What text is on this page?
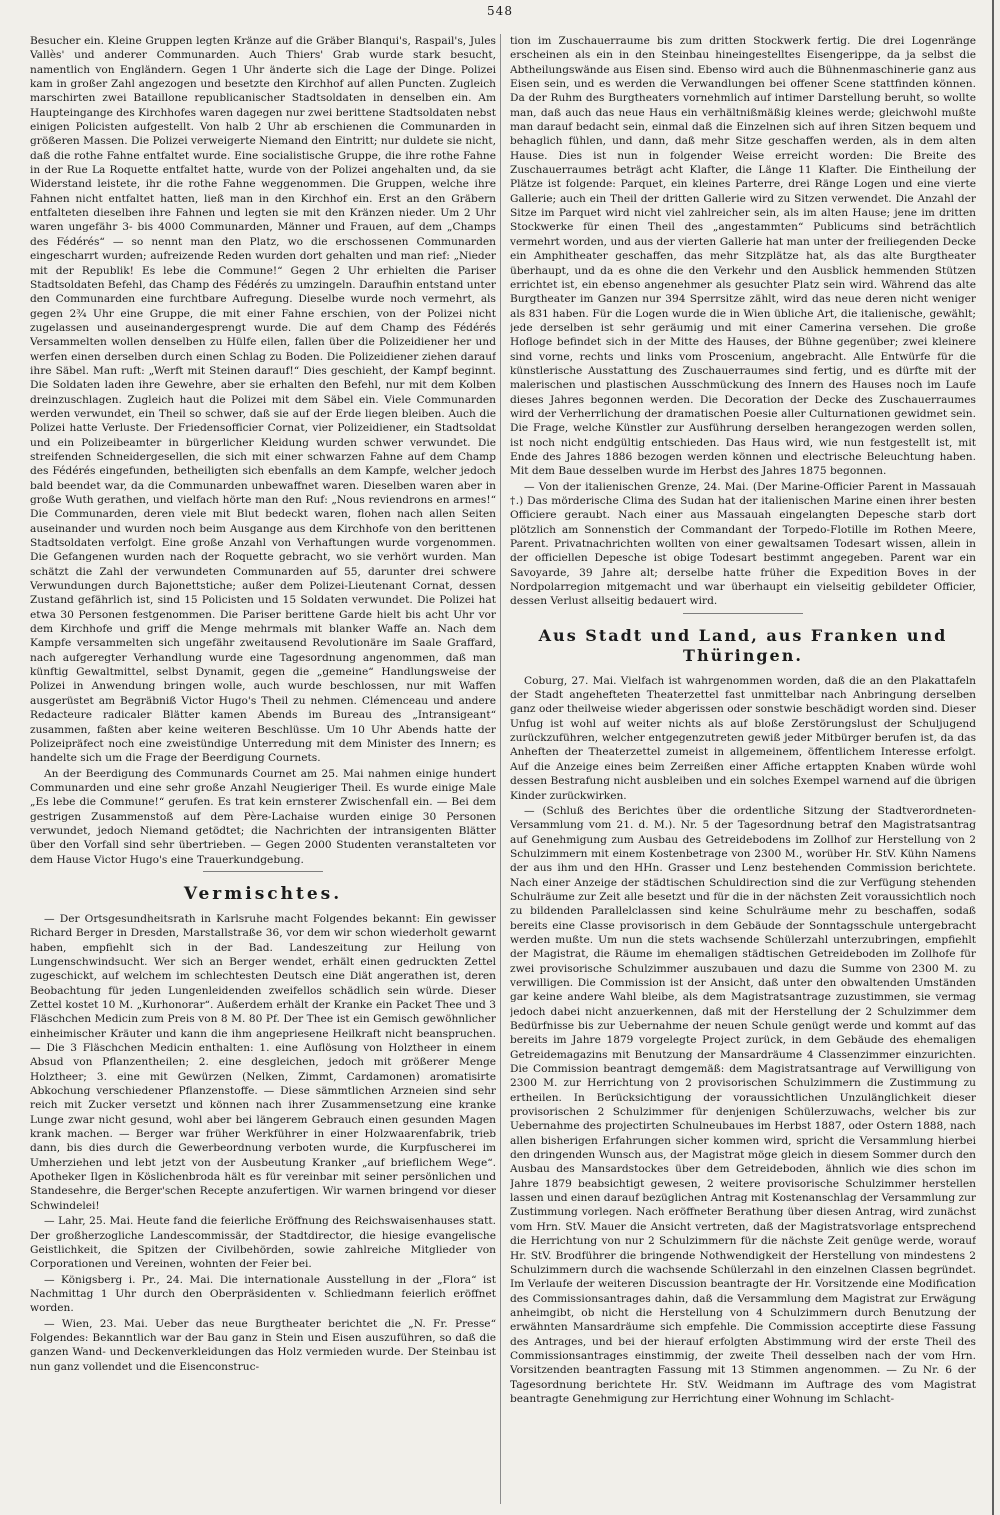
548

Besucher ein. Kleine Gruppen legten Kränze auf die Gräber Blanqui's, Raspail's, Jules Vallès' und anderer Communarden. Auch Thiers' Grab wurde stark besucht, namentlich von Engländern. Gegen 1 Uhr änderte sich die Lage der Dinge. Polizei kam in großer Zahl angezogen und besetzte den Kirchhof auf allen Puncten. Zugleich marschirten zwei Bataillone republicanischer Stadtsoldaten in denselben ein. Am Haupteingange des Kirchhofes waren dagegen nur zwei berittene Stadtsoldaten nebst einigen Policisten aufgestellt. Von halb 2 Uhr ab erschienen die Communarden in größeren Massen. Die Polizei verweigerte Niemand den Eintritt; nur duldete sie nicht, daß die rothe Fahne entfaltet wurde. Eine socialistische Gruppe, die ihre rothe Fahne in der Rue La Roquette entfaltet hatte, wurde von der Polizei angehalten und, da sie Widerstand leistete, ihr die rothe Fahne weggenommen. Die Gruppen, welche ihre Fahnen nicht entfaltet hatten, ließ man in den Kirchhof ein. Erst an den Gräbern entfalteten dieselben ihre Fahnen und legten sie mit den Kränzen nieder. Um 2 Uhr waren ungefähr 3- bis 4000 Communarden, Männer und Frauen, auf dem „Champs des Fédérés“ — so nennt man den Platz, wo die erschossenen Communarden eingescharrt wurden; aufreizende Reden wurden dort gehalten und man rief: „Nieder mit der Republik! Es lebe die Commune!“ Gegen 2 Uhr erhielten die Pariser Stadtsoldaten Befehl, das Champ des Fédérés zu umzingeln. Daraufhin entstand unter den Communarden eine furchtbare Aufregung. Dieselbe wurde noch vermehrt, als gegen 2¾ Uhr eine Gruppe, die mit einer Fahne erschien, von der Polizei nicht zugelassen und auseinandergesprengt wurde. Die auf dem Champ des Fédérés Versammelten wollen denselben zu Hülfe eilen, fallen über die Polizeidiener her und werfen einen derselben durch einen Schlag zu Boden. Die Polizeidiener ziehen darauf ihre Säbel. Man ruft: „Werft mit Steinen darauf!“ Dies geschieht, der Kampf beginnt. Die Soldaten laden ihre Gewehre, aber sie erhalten den Befehl, nur mit dem Kolben dreinzuschlagen. Zugleich haut die Polizei mit dem Säbel ein. Viele Communarden werden verwundet, ein Theil so schwer, daß sie auf der Erde liegen bleiben. Auch die Polizei hatte Verluste. Der Friedensofficier Cornat, vier Polizeidiener, ein Stadtsoldat und ein Polizeibeamter in bürgerlicher Kleidung wurden schwer verwundet. Die streifenden Schneidergesellen, die sich mit einer schwarzen Fahne auf dem Champ des Fédérés eingefunden, betheiligten sich ebenfalls an dem Kampfe, welcher jedoch bald beendet war, da die Communarden unbewaffnet waren. Dieselben waren aber in große Wuth gerathen, und vielfach hörte man den Ruf: „Nous reviendrons en armes!“ Die Communarden, deren viele mit Blut bedeckt waren, flohen nach allen Seiten auseinander und wurden noch beim Ausgange aus dem Kirchhofe von den berittenen Stadtsoldaten verfolgt. Eine große Anzahl von Verhaftungen wurde vorgenommen. Die Gefangenen wurden nach der Roquette gebracht, wo sie verhört wurden. Man schätzt die Zahl der verwundeten Communarden auf 55, darunter drei schwere Verwundungen durch Bajonettstiche; außer dem Polizei-Lieutenant Cornat, dessen Zustand gefährlich ist, sind 15 Policisten und 15 Soldaten verwundet. Die Polizei hat etwa 30 Personen festgenommen. Die Pariser berittene Garde hielt bis acht Uhr vor dem Kirchhofe und griff die Menge mehrmals mit blanker Waffe an. Nach dem Kampfe versammelten sich ungefähr zweitausend Revolutionäre im Saale Graffard, nach aufgeregter Verhandlung wurde eine Tagesordnung angenommen, daß man künftig Gewaltmittel, selbst Dynamit, gegen die „gemeine“ Handlungsweise der Polizei in Anwendung bringen wolle, auch wurde beschlossen, nur mit Waffen ausgerüstet am Begräbniß Victor Hugo's Theil zu nehmen. Clémenceau und andere Redacteure radicaler Blätter kamen Abends im Bureau des „Intransigeant“ zusammen, faßten aber keine weiteren Beschlüsse. Um 10 Uhr Abends hatte der Polizeipräfect noch eine zweistündige Unterredung mit dem Minister des Innern; es handelte sich um die Frage der Beerdigung Cournets.

An der Beerdigung des Communards Cournet am 25. Mai nahmen einige hundert Communarden und eine sehr große Anzahl Neugieriger Theil. Es wurde einige Male „Es lebe die Commune!“ gerufen. Es trat kein ernsterer Zwischenfall ein. — Bei dem gestrigen Zusammenstoß auf dem Père-Lachaise wurden einige 30 Personen verwundet, jedoch Niemand getödtet; die Nachrichten der intransigenten Blätter über den Vorfall sind sehr übertrieben. — Gegen 2000 Studenten veranstalteten vor dem Hause Victor Hugo's eine Trauerkundgebung.

Vermischtes.

— Der Ortsgesundheitsrath in Karlsruhe macht Folgendes bekannt: Ein gewisser Richard Berger in Dresden, Marstallstraße 36, vor dem wir schon wiederholt gewarnt haben, empfiehlt sich in der Bad. Landeszeitung zur Heilung von Lungenschwindsucht. Wer sich an Berger wendet, erhält einen gedruckten Zettel zugeschickt, auf welchem im schlechtesten Deutsch eine Diät angerathen ist, deren Beobachtung für jeden Lungenleidenden zweifellos schädlich sein würde. Dieser Zettel kostet 10 M. „Kurhonorar“. Außerdem erhält der Kranke ein Packet Thee und 3 Fläschchen Medicin zum Preis von 8 M. 80 Pf. Der Thee ist ein Gemisch gewöhnlicher einheimischer Kräuter und kann die ihm angepriesene Heilkraft nicht beanspruchen. — Die 3 Fläschchen Medicin enthalten: 1. eine Auflösung von Holztheer in einem Absud von Pflanzentheilen; 2. eine desgleichen, jedoch mit größerer Menge Holztheer; 3. eine mit Gewürzen (Nelken, Zimmt, Cardamonen) aromatisirte Abkochung verschiedener Pflanzenstoffe. — Diese sämmtlichen Arzneien sind sehr reich mit Zucker versetzt und können nach ihrer Zusammensetzung eine kranke Lunge zwar nicht gesund, wohl aber bei längerem Gebrauch einen gesunden Magen krank machen. — Berger war früher Werkführer in einer Holzwaarenfabrik, trieb dann, bis dies durch die Gewerbeordnung verboten wurde, die Kurpfuscherei im Umherziehen und lebt jetzt von der Ausbeutung Kranker „auf brieflichem Wege“. Apotheker Ilgen in Köslichenbroda hält es für vereinbar mit seiner persönlichen und Standesehre, die Berger'schen Recepte anzufertigen. Wir warnen bringend vor dieser Schwindelei!

— Lahr, 25. Mai. Heute fand die feierliche Eröffnung des Reichswaisenhauses statt. Der großherzogliche Landescommissär, der Stadtdirector, die hiesige evangelische Geistlichkeit, die Spitzen der Civilbehörden, sowie zahlreiche Mitglieder von Corporationen und Vereinen, wohnten der Feier bei.

— Königsberg i. Pr., 24. Mai. Die internationale Ausstellung in der „Flora“ ist Nachmittag 1 Uhr durch den Oberpräsidenten v. Schliedmann feierlich eröffnet worden.

— Wien, 23. Mai. Ueber das neue Burgtheater berichtet die „N. Fr. Presse“ Folgendes: Bekanntlich war der Bau ganz in Stein und Eisen auszuführen, so daß die ganzen Wand- und Deckenverkleidungen das Holz vermieden wurde. Der Steinbau ist nun ganz vollendet und die Eisenconstruc-

tion im Zuschauerraume bis zum dritten Stockwerk fertig. Die drei Logenränge erscheinen als ein in den Steinbau hineingestelltes Eisengerippe, da ja selbst die Abtheilungswände aus Eisen sind. Ebenso wird auch die Bühnenmaschinerie ganz aus Eisen sein, und es werden die Verwandlungen bei offener Scene stattfinden können. Da der Ruhm des Burgtheaters vornehmlich auf intimer Darstellung beruht, so wollte man, daß auch das neue Haus ein verhältnißmäßig kleines werde; gleichwohl mußte man darauf bedacht sein, einmal daß die Einzelnen sich auf ihren Sitzen bequem und behaglich fühlen, und dann, daß mehr Sitze geschaffen werden, als in dem alten Hause. Dies ist nun in folgender Weise erreicht worden: Die Breite des Zuschauerraumes beträgt acht Klafter, die Länge 11 Klafter. Die Eintheilung der Plätze ist folgende: Parquet, ein kleines Parterre, drei Ränge Logen und eine vierte Gallerie; auch ein Theil der dritten Gallerie wird zu Sitzen verwendet. Die Anzahl der Sitze im Parquet wird nicht viel zahlreicher sein, als im alten Hause; jene im dritten Stockwerke für einen Theil des „angestammten“ Publicums sind beträchtlich vermehrt worden, und aus der vierten Gallerie hat man unter der freiliegenden Decke ein Amphitheater geschaffen, das mehr Sitzplätze hat, als das alte Burgtheater überhaupt, und da es ohne die den Verkehr und den Ausblick hemmenden Stützen errichtet ist, ein ebenso angenehmer als gesuchter Platz sein wird. Während das alte Burgtheater im Ganzen nur 394 Sperrsitze zählt, wird das neue deren nicht weniger als 831 haben. Für die Logen wurde die in Wien übliche Art, die italienische, gewählt; jede derselben ist sehr geräumig und mit einer Camerina versehen. Die große Hofloge befindet sich in der Mitte des Hauses, der Bühne gegenüber; zwei kleinere sind vorne, rechts und links vom Proscenium, angebracht. Alle Entwürfe für die künstlerische Ausstattung des Zuschauerraumes sind fertig, und es dürfte mit der malerischen und plastischen Ausschmückung des Innern des Hauses noch im Laufe dieses Jahres begonnen werden. Die Decoration der Decke des Zuschauerraumes wird der Verherrlichung der dramatischen Poesie aller Culturnationen gewidmet sein. Die Frage, welche Künstler zur Ausführung derselben herangezogen werden sollen, ist noch nicht endgültig entschieden. Das Haus wird, wie nun festgestellt ist, mit Ende des Jahres 1886 bezogen werden können und electrische Beleuchtung haben. Mit dem Baue desselben wurde im Herbst des Jahres 1875 begonnen.

— Von der italienischen Grenze, 24. Mai. (Der Marine-Officier Parent in Massauah †.) Das mörderische Clima des Sudan hat der italienischen Marine einen ihrer besten Officiere geraubt. Nach einer aus Massauah eingelangten Depesche starb dort plötzlich am Sonnenstich der Commandant der Torpedo-Flotille im Rothen Meere, Parent. Privatnachrichten wollten von einer gewaltsamen Todesart wissen, allein in der officiellen Depesche ist obige Todesart bestimmt angegeben. Parent war ein Savoyarde, 39 Jahre alt; derselbe hatte früher die Expedition Boves in der Nordpolarregion mitgemacht und war überhaupt ein vielseitig gebildeter Officier, dessen Verlust allseitig bedauert wird.

Aus Stadt und Land, aus Franken und Thüringen.

Coburg, 27. Mai. Vielfach ist wahrgenommen worden, daß die an den Plakattafeln der Stadt angehefteten Theaterzettel fast unmittelbar nach Anbringung derselben ganz oder theilweise wieder abgerissen oder sonstwie beschädigt worden sind. Dieser Unfug ist wohl auf weiter nichts als auf bloße Zerstörungslust der Schuljugend zurückzuführen, welcher entgegenzutreten gewiß jeder Mitbürger berufen ist, da das Anheften der Theaterzettel zumeist in allgemeinem, öffentlichem Interesse erfolgt. Auf die Anzeige eines beim Zerreißen einer Affiche ertappten Knaben würde wohl dessen Bestrafung nicht ausbleiben und ein solches Exempel warnend auf die übrigen Kinder zurückwirken.

— (Schluß des Berichtes über die ordentliche Sitzung der Stadtverordneten-Versammlung vom 21. d. M.). Nr. 5 der Tagesordnung betraf den Magistratsantrag auf Genehmigung zum Ausbau des Getreidebodens im Zollhof zur Herstellung von 2 Schulzimmern mit einem Kostenbetrage von 2300 M., worüber Hr. StV. Kühn Namens der aus ihm und den HHn. Grasser und Lenz bestehenden Commission berichtete. Nach einer Anzeige der städtischen Schuldirection sind die zur Verfügung stehenden Schulräume zur Zeit alle besetzt und für die in der nächsten Zeit voraussichtlich noch zu bildenden Parallelclassen sind keine Schulräume mehr zu beschaffen, sodaß bereits eine Classe provisorisch in dem Gebäude der Sonntagsschule untergebracht werden mußte. Um nun die stets wachsende Schülerzahl unterzubringen, empfiehlt der Magistrat, die Räume im ehemaligen städtischen Getreideboden im Zollhofe für zwei provisorische Schulzimmer auszubauen und dazu die Summe von 2300 M. zu verwilligen. Die Commission ist der Ansicht, daß unter den obwaltenden Umständen gar keine andere Wahl bleibe, als dem Magistratsantrage zuzustimmen, sie vermag jedoch dabei nicht anzuerkennen, daß mit der Herstellung der 2 Schulzimmer dem Bedürfnisse bis zur Uebernahme der neuen Schule genügt werde und kommt auf das bereits im Jahre 1879 vorgelegte Project zurück, in dem Gebäude des ehemaligen Getreidemagazins mit Benutzung der Mansardräume 4 Classenzimmer einzurichten. Die Commission beantragt demgemäß: dem Magistratsantrage auf Verwilligung von 2300 M. zur Herrichtung von 2 provisorischen Schulzimmern die Zustimmung zu ertheilen. In Berücksichtigung der voraussichtlichen Unzulänglichkeit dieser provisorischen 2 Schulzimmer für denjenigen Schülerzuwachs, welcher bis zur Uebernahme des projectirten Schulneubaues im Herbst 1887, oder Ostern 1888, nach allen bisherigen Erfahrungen sicher kommen wird, spricht die Versammlung hierbei den dringenden Wunsch aus, der Magistrat möge gleich in diesem Sommer durch den Ausbau des Mansardstockes über dem Getreideboden, ähnlich wie dies schon im Jahre 1879 beabsichtigt gewesen, 2 weitere provisorische Schulzimmer herstellen lassen und einen darauf bezüglichen Antrag mit Kostenanschlag der Versammlung zur Zustimmung vorlegen. Nach eröffneter Berathung über diesen Antrag, wird zunächst vom Hrn. StV. Mauer die Ansicht vertreten, daß der Magistratsvorlage entsprechend die Herrichtung von nur 2 Schulzimmern für die nächste Zeit genüge werde, worauf Hr. StV. Brodführer die bringende Nothwendigkeit der Herstellung von mindestens 2 Schulzimmern durch die wachsende Schülerzahl in den einzelnen Classen begründet. Im Verlaufe der weiteren Discussion beantragte der Hr. Vorsitzende eine Modification des Commissionsantrages dahin, daß die Versammlung dem Magistrat zur Erwägung anheimgibt, ob nicht die Herstellung von 4 Schulzimmern durch Benutzung der erwähnten Mansardräume sich empfehle. Die Commission acceptirte diese Fassung des Antrages, und bei der hierauf erfolgten Abstimmung wird der erste Theil des Commissionsantrages einstimmig, der zweite Theil desselben nach der vom Hrn. Vorsitzenden beantragten Fassung mit 13 Stimmen angenommen. — Zu Nr. 6 der Tagesordnung berichtete Hr. StV. Weidmann im Auftrage des vom Magistrat beantragte Genehmigung zur Herrichtung einer Wohnung im Schlacht-
